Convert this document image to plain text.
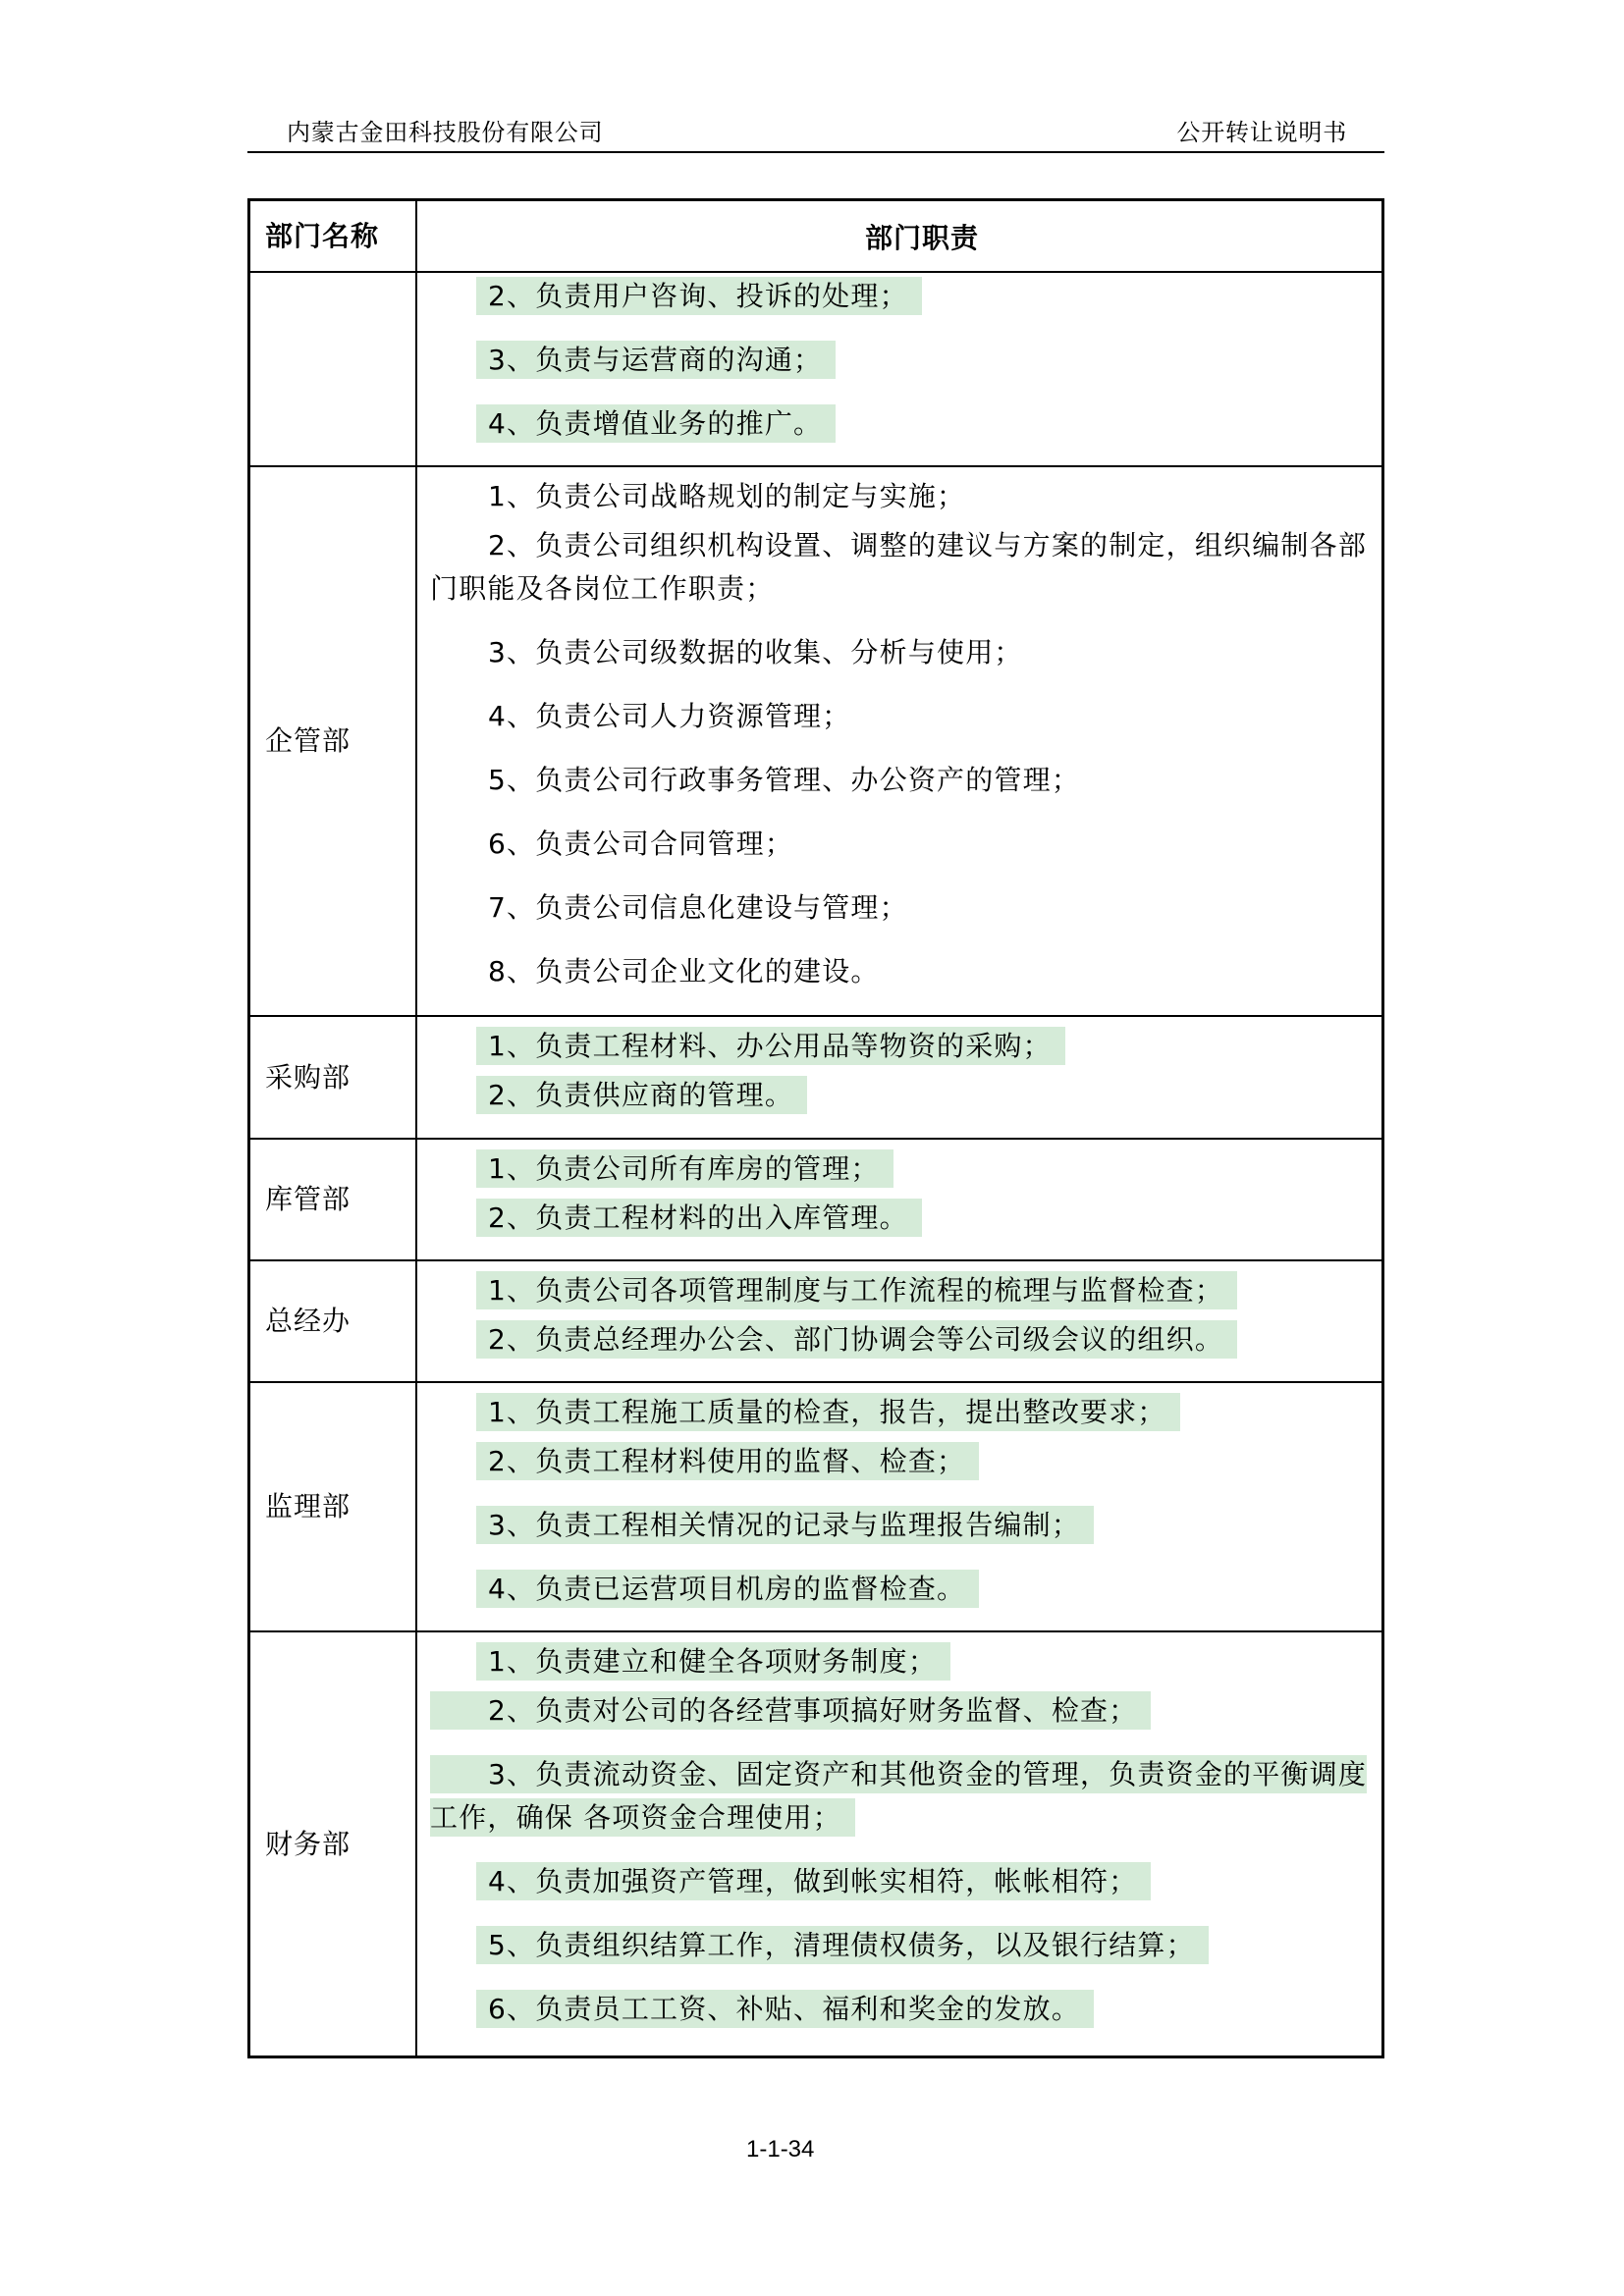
内蒙古金田科技股份有限公司	公开转让说明书
部门名称	部门职责

2、负责用户咨询、投诉的处理；

3、负责与运营商的沟通；

4、负责增值业务的推广。

企管部

1、负责公司战略规划的制定与实施；

2、负责公司组织机构设置、调整的建议与方案的制定，组织编制各部门职能及各岗位工作职责；

3、负责公司级数据的收集、分析与使用；

4、负责公司人力资源管理；

5、负责公司行政事务管理、办公资产的管理；

6、负责公司合同管理；

7、负责公司信息化建设与管理；

8、负责公司企业文化的建设。

采购部

1、负责工程材料、办公用品等物资的采购；

2、负责供应商的管理。

库管部

1、负责公司所有库房的管理；

2、负责工程材料的出入库管理。

总经办

1、负责公司各项管理制度与工作流程的梳理与监督检查；

2、负责总经理办公会、部门协调会等公司级会议的组织。

监理部

1、负责工程施工质量的检查，报告，提出整改要求；

2、负责工程材料使用的监督、检查；

3、负责工程相关情况的记录与监理报告编制；

4、负责已运营项目机房的监督检查。

财务部

1、负责建立和健全各项财务制度；

2、负责对公司的各经营事项搞好财务监督、检查；

3、负责流动资金、固定资产和其他资金的管理，负责资金的平衡调度工作，确保 各项资金合理使用；

4、负责加强资产管理，做到帐实相符，帐帐相符；

5、负责组织结算工作，清理债权债务，以及银行结算；

6、负责员工工资、补贴、福利和奖金的发放。

1-1-34
